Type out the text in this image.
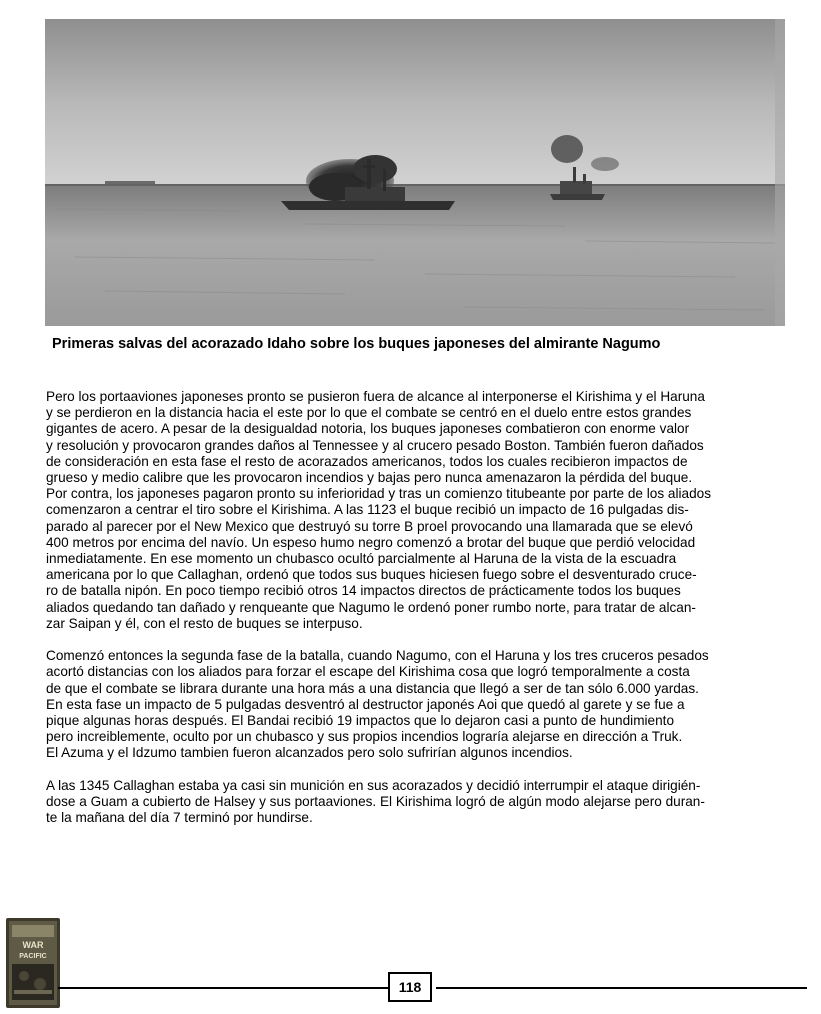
Primeras salvas del acorazado Idaho sobre los buques japoneses del almirante Nagumo

Pero los portaaviones japoneses pronto se pusieron fuera de alcance al interponerse el Kirishima y el Haruna
y se perdieron en la distancia hacia el este por lo que el combate se centró en el duelo entre estos grandes
gigantes de acero. A pesar de la desigualdad notoria, los buques japoneses combatieron con enorme valor
y resolución y provocaron grandes daños al Tennessee y al crucero pesado Boston. También fueron dañados
de consideración en esta fase el resto de acorazados americanos, todos los cuales recibieron impactos de
grueso y medio calibre que les provocaron incendios y bajas pero nunca amenazaron la pérdida del buque.
Por contra, los japoneses pagaron pronto su inferioridad y tras un comienzo titubeante por parte de los aliados
comenzaron a centrar el tiro sobre el Kirishima. A las 1123 el buque recibió un impacto de 16 pulgadas dis-
parado al parecer por el New Mexico que destruyó su torre B proel provocando una llamarada que se elevó
400 metros por encima del navío. Un espeso humo negro comenzó a brotar del buque que perdió velocidad
inmediatamente. En ese momento un chubasco ocultó parcialmente al Haruna de la vista de la escuadra
americana por lo que Callaghan, ordenó que todos sus buques hiciesen fuego sobre el desventurado cruce-
ro de batalla nipón. En poco tiempo recibió otros 14 impactos directos de prácticamente todos los buques
aliados quedando tan dañado y renqueante que Nagumo le ordenó poner rumbo norte, para tratar de alcan-
zar Saipan y él, con el resto de buques se interpuso.

Comenzó entonces la segunda fase de la batalla, cuando Nagumo, con el Haruna y los tres cruceros pesados
acortó distancias con los aliados para forzar el escape del Kirishima cosa que logró temporalmente a costa
de que el combate se librara durante una hora más a una distancia que llegó a ser de tan sólo 6.000 yardas.
En esta fase un impacto de 5 pulgadas desventró al destructor japonés Aoi que quedó al garete y se fue a
pique algunas horas después. El Bandai recibió 19 impactos que lo dejaron casi a punto de hundimiento
pero increiblemente, oculto por un chubasco y sus propios incendios lograría alejarse en dirección a Truk.
El Azuma y el Idzumo tambien fueron alcanzados pero solo sufrirían algunos incendios.

A las 1345 Callaghan estaba ya casi sin munición en sus acorazados y decidió interrumpir el ataque dirigién-
dose a Guam a cubierto de Halsey y sus portaaviones. El Kirishima logró de algún modo alejarse pero duran-
te la mañana del día 7 terminó por hundirse.

WAR
PACIFIC
118
